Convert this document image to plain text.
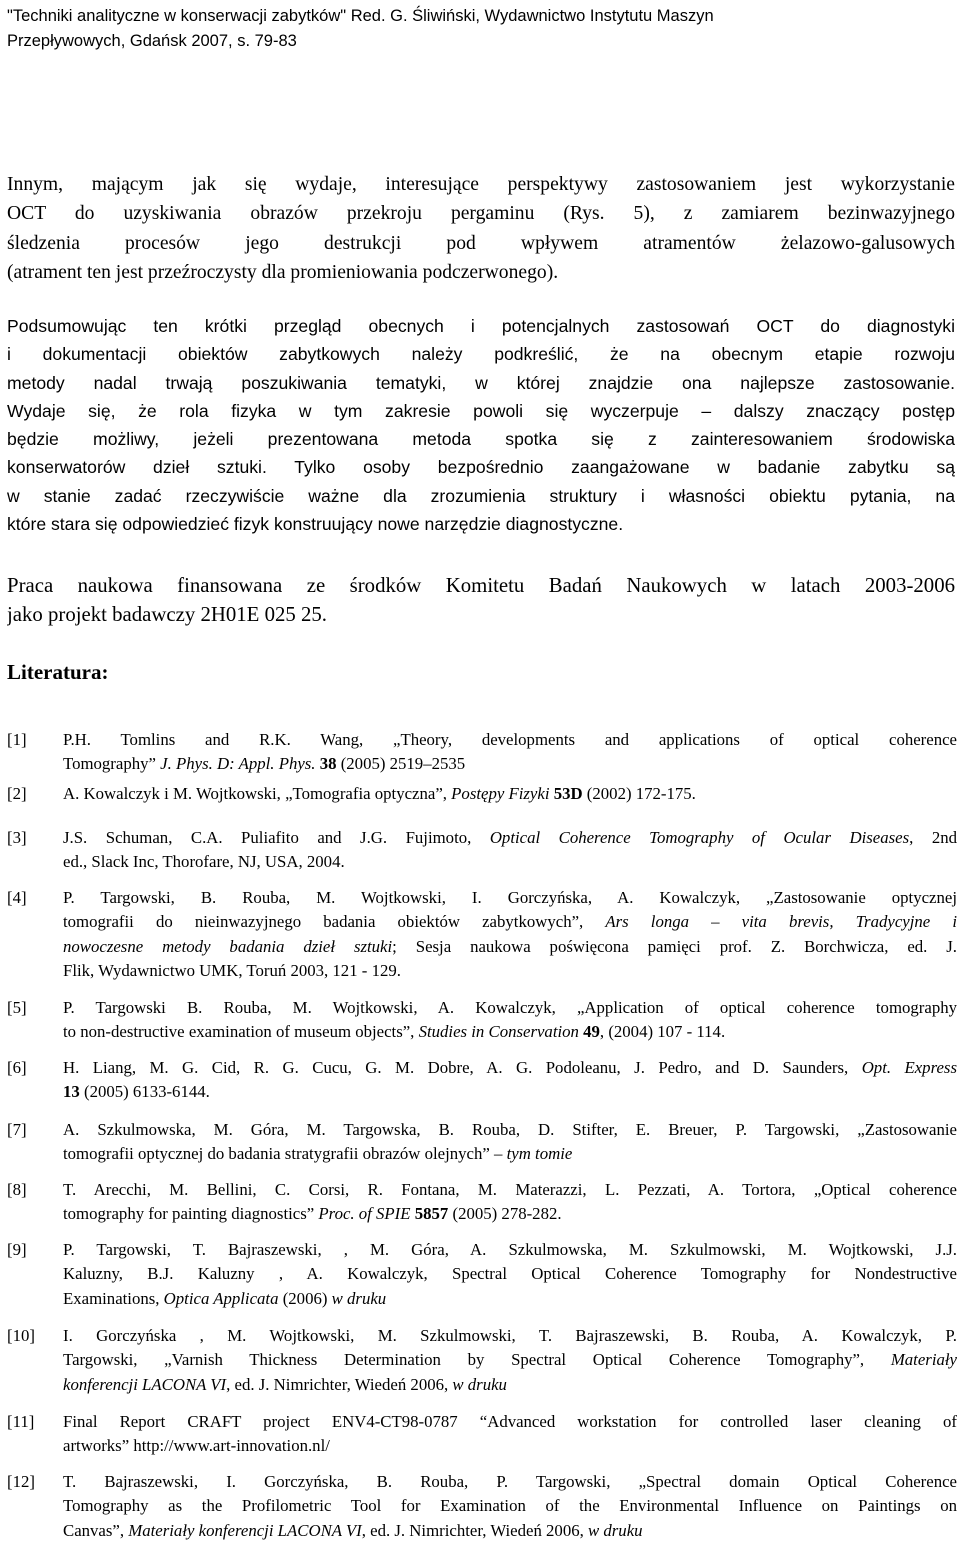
"Techniki analityczne w konserwacji zabytków" Red. G. Śliwiński, Wydawnictwo Instytutu Maszyn
Przepływowych, Gdańsk 2007, s. 79-83
Innym, mającym jak się wydaje, interesujące perspektywy zastosowaniem jest wykorzystanie
OCT do uzyskiwania obrazów przekroju pergaminu (Rys. 5), z zamiarem bezinwazyjnego
śledzenia procesów jego destrukcji pod wpływem atramentów żelazowo-galusowych
(atrament ten jest przeźroczysty dla promieniowania podczerwonego).
Podsumowując ten krótki przegląd obecnych i potencjalnych zastosowań OCT do diagnostyki
i dokumentacji obiektów zabytkowych należy podkreślić, że na obecnym etapie rozwoju
metody nadal trwają poszukiwania tematyki, w której znajdzie ona najlepsze zastosowanie.
Wydaje się, że rola fizyka w tym zakresie powoli się wyczerpuje – dalszy znaczący postęp
będzie możliwy, jeżeli prezentowana metoda spotka się z zainteresowaniem środowiska
konserwatorów dzieł sztuki. Tylko osoby bezpośrednio zaangażowane w badanie zabytku są
w stanie zadać rzeczywiście ważne dla zrozumienia struktury i własności obiektu pytania, na
które stara się odpowiedzieć fizyk konstruujący nowe narzędzie diagnostyczne.
Praca naukowa finansowana ze środków Komitetu Badań Naukowych w latach 2003-2006
jako projekt badawczy 2H01E 025 25.
Literatura:
[1] P.H. Tomlins and R.K. Wang, „Theory, developments and applications of optical coherence
Tomography” J. Phys. D: Appl. Phys. 38 (2005) 2519–2535
[2] A. Kowalczyk i M. Wojtkowski, „Tomografia optyczna”, Postępy Fizyki 53D (2002) 172-175.
[3] J.S. Schuman, C.A. Puliafito and J.G. Fujimoto, Optical Coherence Tomography of Ocular Diseases, 2nd
ed., Slack Inc, Thorofare, NJ, USA, 2004.
[4] P. Targowski, B. Rouba, M. Wojtkowski, I. Gorczyńska, A. Kowalczyk, „Zastosowanie optycznej
tomografii do nieinwazyjnego badania obiektów zabytkowych”, Ars longa – vita brevis, Tradycyjne i
nowoczesne metody badania dzieł sztuki; Sesja naukowa poświęcona pamięci prof. Z. Borchwicza, ed. J.
Flik, Wydawnictwo UMK, Toruń 2003, 121 - 129.
[5] P. Targowski B. Rouba, M. Wojtkowski, A. Kowalczyk, „Application of optical coherence tomography
to non-destructive examination of museum objects”, Studies in Conservation 49, (2004) 107 - 114.
[6] H. Liang, M. G. Cid, R. G. Cucu, G. M. Dobre, A. G. Podoleanu, J. Pedro, and D. Saunders, Opt. Express
13 (2005) 6133-6144.
[7] A. Szkulmowska, M. Góra, M. Targowska, B. Rouba, D. Stifter, E. Breuer, P. Targowski, „Zastosowanie
tomografii optycznej do badania stratygrafii obrazów olejnych” – tym tomie
[8] T. Arecchi, M. Bellini, C. Corsi, R. Fontana, M. Materazzi, L. Pezzati, A. Tortora, „Optical coherence
tomography for painting diagnostics” Proc. of SPIE 5857 (2005) 278-282.
[9] P. Targowski, T. Bajraszewski, , M. Góra, A. Szkulmowska, M. Szkulmowski, M. Wojtkowski, J.J.
Kaluzny, B.J. Kaluzny , A. Kowalczyk, Spectral Optical Coherence Tomography for Nondestructive
Examinations, Optica Applicata (2006) w druku
[10] I. Gorczyńska , M. Wojtkowski, M. Szkulmowski, T. Bajraszewski, B. Rouba, A. Kowalczyk, P.
Targowski, „Varnish Thickness Determination by Spectral Optical Coherence Tomography”, Materiały
konferencji LACONA VI, ed. J. Nimrichter, Wiedeń 2006, w druku
[11] Final Report CRAFT project ENV4-CT98-0787 “Advanced workstation for controlled laser cleaning of
artworks” http://www.art-innovation.nl/
[12] T. Bajraszewski, I. Gorczyńska, B. Rouba, P. Targowski, „Spectral domain Optical Coherence
Tomography as the Profilometric Tool for Examination of the Environmental Influence on Paintings on
Canvas”, Materiały konferencji LACONA VI, ed. J. Nimrichter, Wiedeń 2006, w druku
